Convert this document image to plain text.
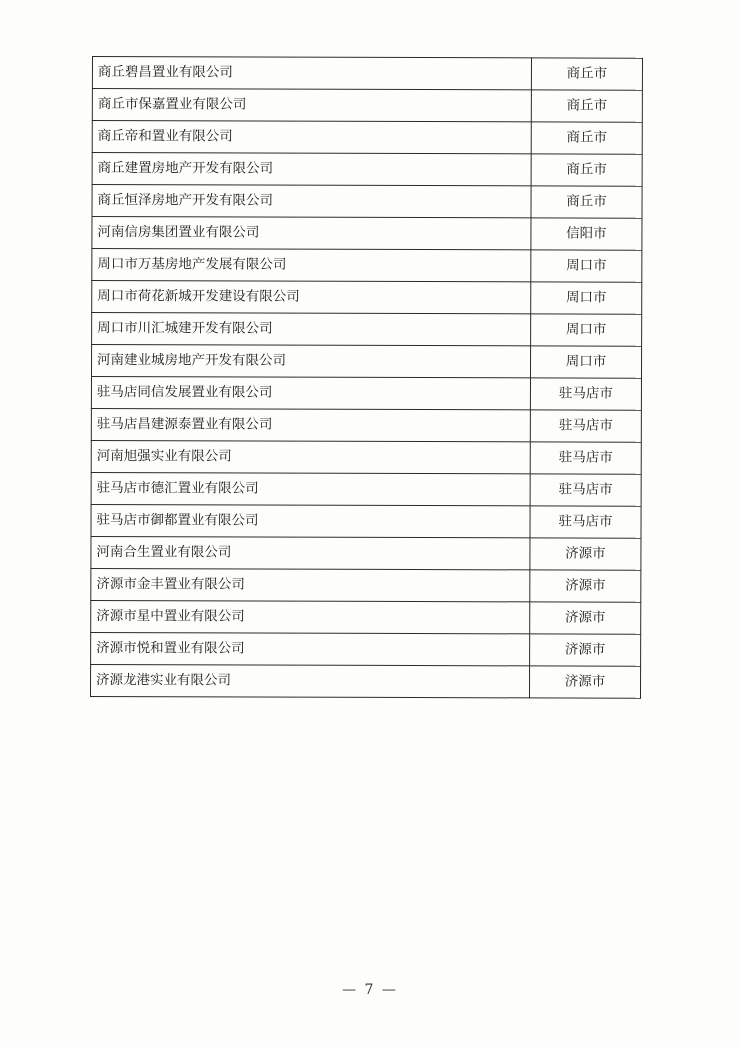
商丘碧昌置业有限公司	商丘市
商丘市保嘉置业有限公司	商丘市
商丘帝和置业有限公司	商丘市
商丘建置房地产开发有限公司	商丘市
商丘恒泽房地产开发有限公司	商丘市
河南信房集团置业有限公司	信阳市
周口市万基房地产发展有限公司	周口市
周口市荷花新城开发建设有限公司	周口市
周口市川汇城建开发有限公司	周口市
河南建业城房地产开发有限公司	周口市
驻马店同信发展置业有限公司	驻马店市
驻马店昌建源泰置业有限公司	驻马店市
河南旭强实业有限公司	驻马店市
驻马店市德汇置业有限公司	驻马店市
驻马店市御都置业有限公司	驻马店市
河南合生置业有限公司	济源市
济源市金丰置业有限公司	济源市
济源市星中置业有限公司	济源市
济源市悦和置业有限公司	济源市
济源龙港实业有限公司	济源市
— 7 —
